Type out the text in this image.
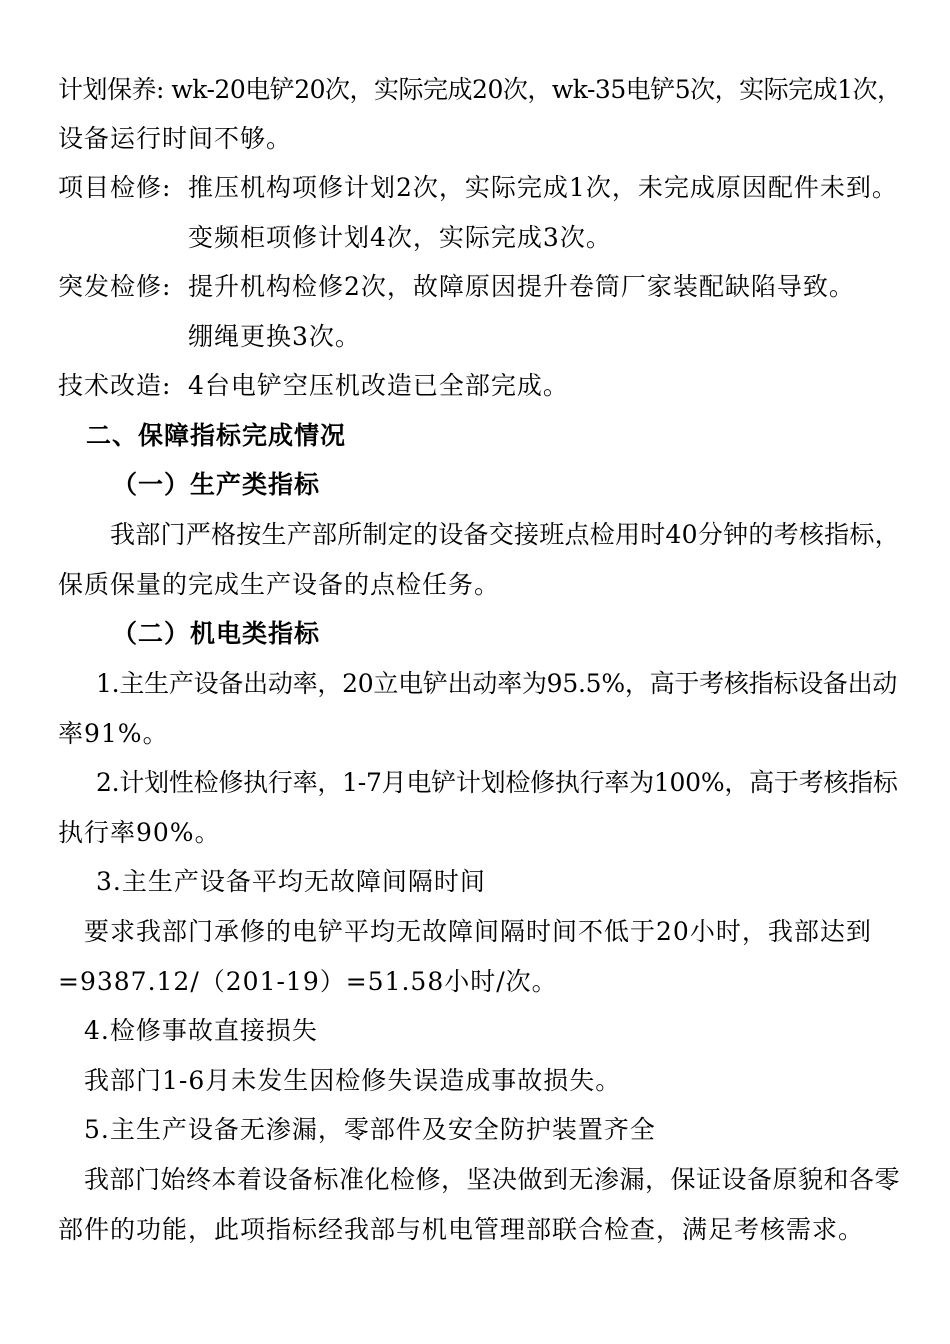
计划保养: wk-20电铲20次，实际完成20次，wk-35电铲5次，实际完成1次，
设备运行时间不够。
项目检修: 推压机构项修计划2次，实际完成1次，未完成原因配件未到。
变频柜项修计划4次，实际完成3次。
突发检修: 提升机构检修2次，故障原因提升卷筒厂家装配缺陷导致。
绷绳更换3次。
技术改造: 4台电铲空压机改造已全部完成。
二、保障指标完成情况
（一）生产类指标
我部门严格按生产部所制定的设备交接班点检用时40分钟的考核指标，
保质保量的完成生产设备的点检任务。
（二）机电类指标
1.主生产设备出动率，20立电铲出动率为95.5%，高于考核指标设备出动
率91%。
2.计划性检修执行率，1-7月电铲计划检修执行率为100%，高于考核指标
执行率90%。
3.主生产设备平均无故障间隔时间
要求我部门承修的电铲平均无故障间隔时间不低于20小时，我部达到
=9387.12/（201-19）=51.58小时/次。
4.检修事故直接损失
我部门1-6月未发生因检修失误造成事故损失。
5.主生产设备无渗漏，零部件及安全防护装置齐全
我部门始终本着设备标准化检修，坚决做到无渗漏，保证设备原貌和各零
部件的功能，此项指标经我部与机电管理部联合检查，满足考核需求。
